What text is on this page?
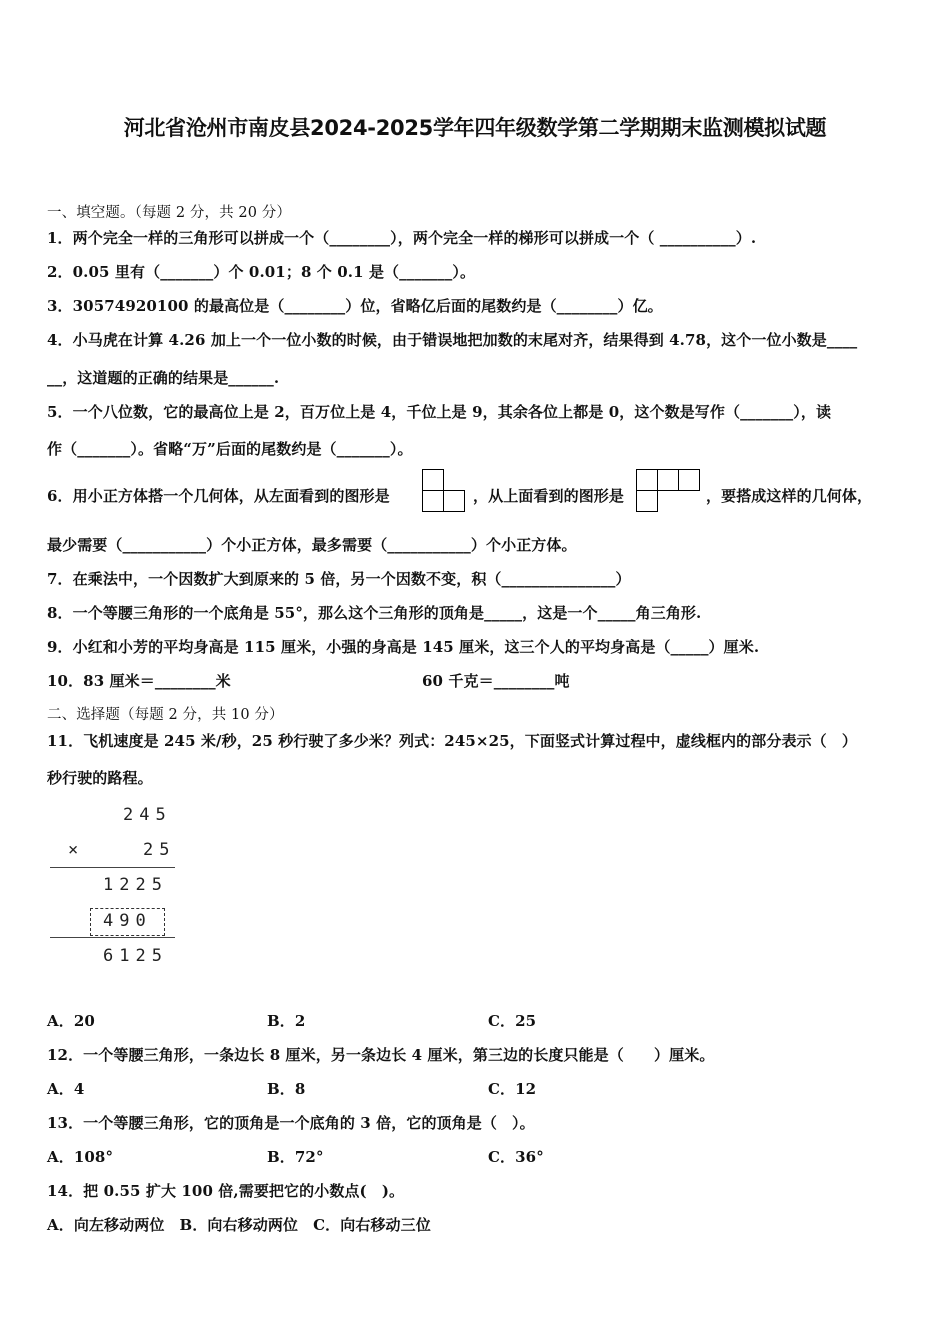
河北省沧州市南皮县2024-2025学年四年级数学第二学期期末监测模拟试题
一、填空题。（每题 2 分，共 20 分）
1．两个完全一样的三角形可以拼成一个（________），两个完全一样的梯形可以拼成一个（ __________）.
2．0.05 里有（_______）个 0.01；8 个 0.1 是（_______）。
3．30574920100 的最高位是（________）位，省略亿后面的尾数约是（________）亿。
4．小马虎在计算 4.26 加上一个一位小数的时候，由于错误地把加数的末尾对齐，结果得到 4.78，这个一位小数是____
__，这道题的正确的结果是______.
5．一个八位数，它的最高位上是 2，百万位上是 4，千位上是 9，其余各位上都是 0，这个数是写作（_______），读
作（_______）。省略“万”后面的尾数约是（_______）。
6．用小正方体搭一个几何体，从左面看到的图形是	，从上面看到的图形是	，要搭成这样的几何体，
最少需要（___________）个小正方体，最多需要（___________）个小正方体。
7．在乘法中，一个因数扩大到原来的 5 倍，另一个因数不变，积（_______________）
8．一个等腰三角形的一个底角是 55°，那么这个三角形的顶角是_____，这是一个_____角三角形.
9．小红和小芳的平均身高是 115 厘米，小强的身高是 145 厘米，这三个人的平均身高是（_____）厘米.
10．83 厘米＝________米	60 千克＝________吨
二、选择题（每题 2 分，共 10 分）
11．飞机速度是 245 米/秒，25 秒行驶了多少米？列式：245×25，下面竖式计算过程中，虚线框内的部分表示（　）
秒行驶的路程。
245
×	25
1225
490
6125
A．20	B．2	C．25
12．一个等腰三角形，一条边长 8 厘米，另一条边长 4 厘米，第三边的长度只能是（　　）厘米。
A．4	B．8	C．12
13．一个等腰三角形，它的顶角是一个底角的 3 倍，它的顶角是（　）。
A．108°	B．72°	C．36°
14．把 0.55 扩大 100 倍,需要把它的小数点(　)。
A．向左移动两位　B．向右移动两位　C．向右移动三位
